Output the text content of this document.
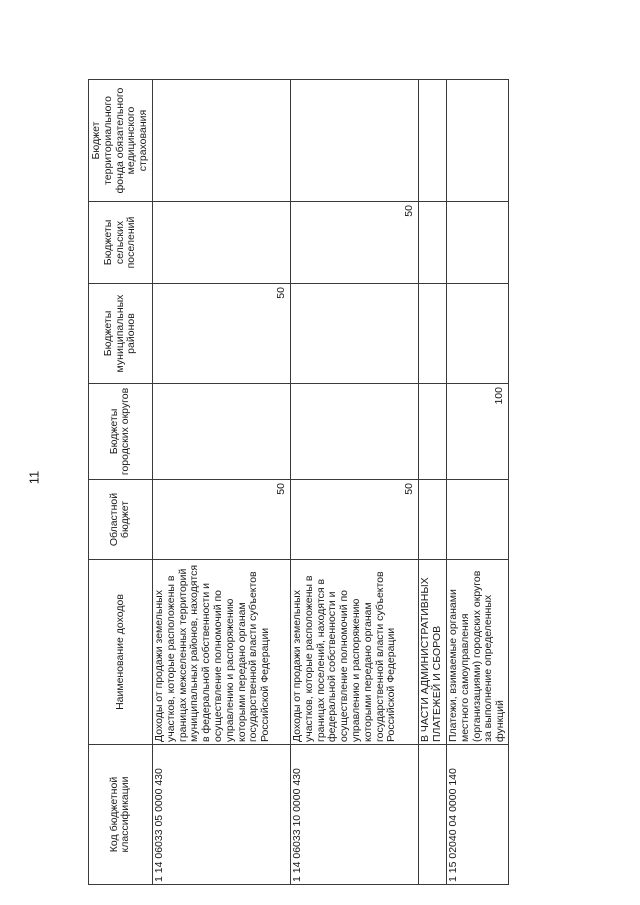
11
Код бюджетной классификации	Наименование доходов	Областной бюджет	Бюджеты городских округов	Бюджеты муниципальных районов	Бюджеты сельских поселений	Бюджет территориального фонда обязательного медицинского страхования
1 14 06033 05 0000 430	Доходы от продажи земельных участков, которые расположены в границах межселенных территорий муниципальных районов, находятся в федеральной собственности и осуществление полномочий по управлению и распоряжению которыми передано органам государственной власти субъектов Российской Федерации	50		50		
1 14 06033 10 0000 430	Доходы от продажи земельных участков, которые расположены в границах поселений, находятся в федеральной собственности и осуществление полномочий по управлению и распоряжению которыми передано органам государственной власти субъектов Российской Федерации	50			50	
	В ЧАСТИ АДМИНИСТРАТИВНЫХ ПЛАТЕЖЕЙ И СБОРОВ					
1 15 02040 04 0000 140	Платежи, взимаемые органами местного самоуправления (организациями) городских округов за выполнение определенных функций		100			
